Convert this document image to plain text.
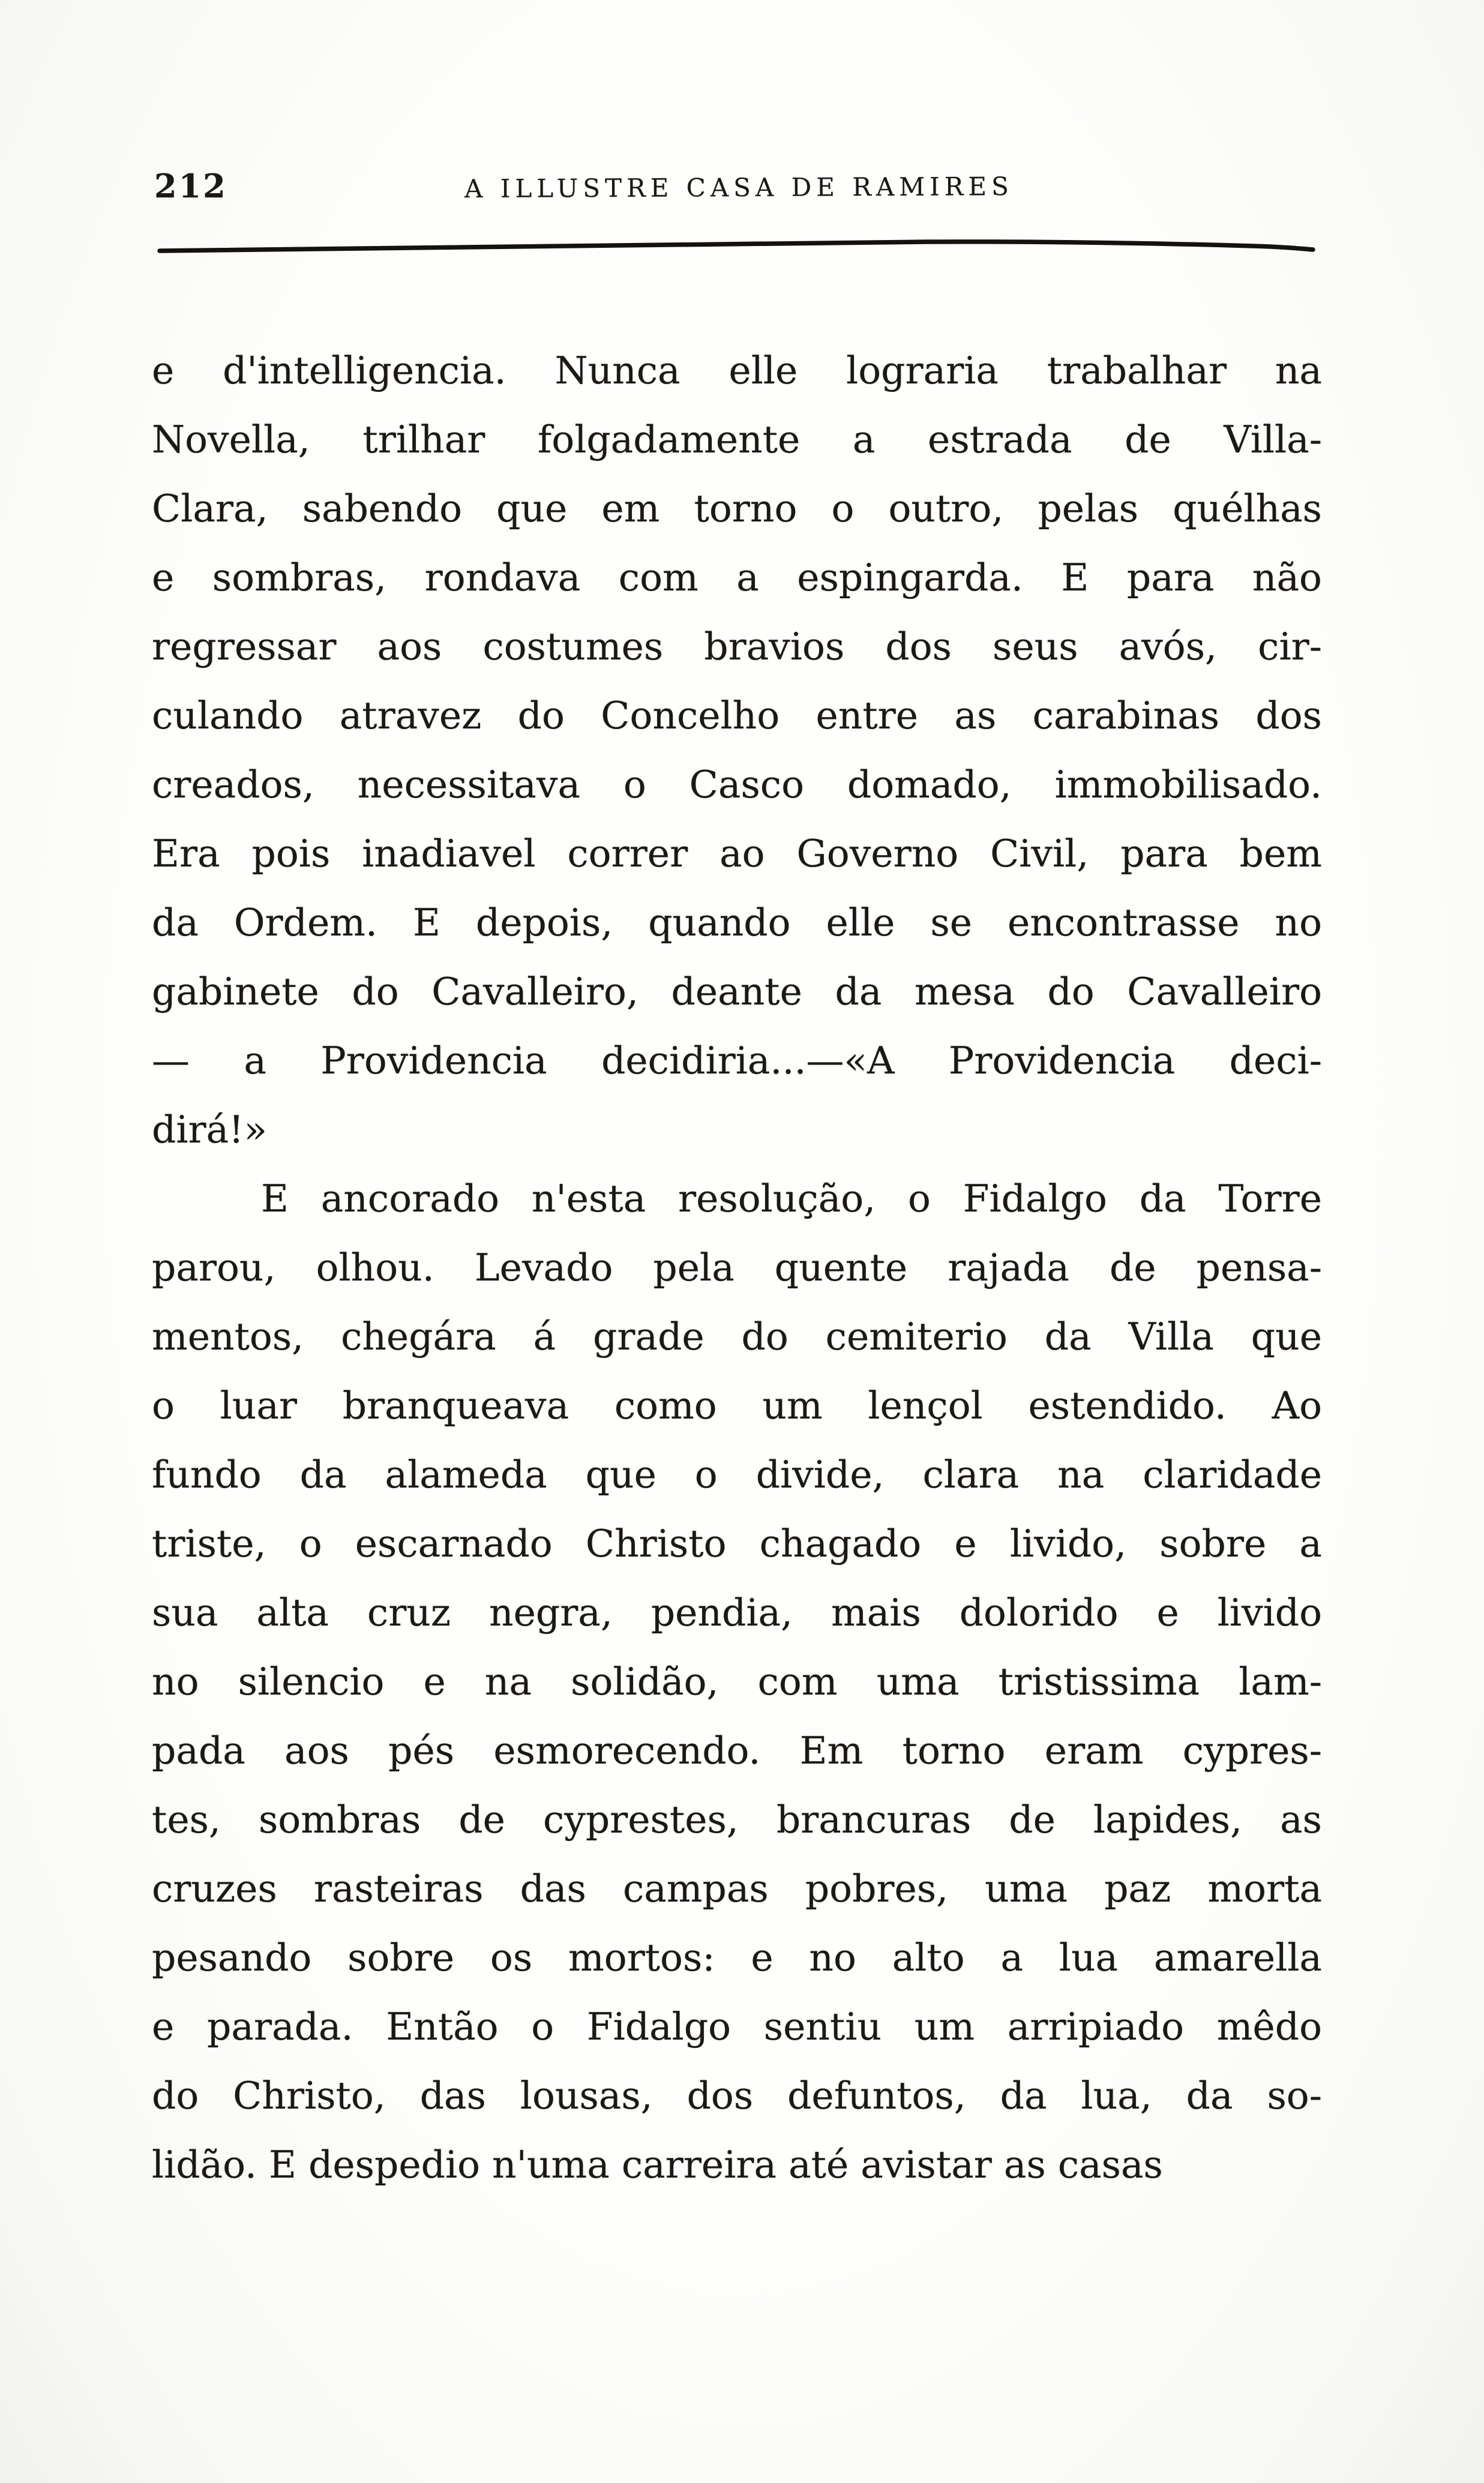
212	A ILLUSTRE CASA DE RAMIRES
e d'intelligencia. Nunca elle lograria trabalhar na
Novella, trilhar folgadamente a estrada de Villa-
Clara, sabendo que em torno o outro, pelas quélhas
e sombras, rondava com a espingarda. E para não
regressar aos costumes bravios dos seus avós, cir-
culando atravez do Concelho entre as carabinas dos
creados, necessitava o Casco domado, immobilisado.
Era pois inadiavel correr ao Governo Civil, para bem
da Ordem. E depois, quando elle se encontrasse no
gabinete do Cavalleiro, deante da mesa do Cavalleiro
— a Providencia decidiria...—«A Providencia deci-
dirá!»
E ancorado n'esta resolução, o Fidalgo da Torre
parou, olhou. Levado pela quente rajada de pensa-
mentos, chegára á grade do cemiterio da Villa que
o luar branqueava como um lençol estendido. Ao
fundo da alameda que o divide, clara na claridade
triste, o escarnado Christo chagado e livido, sobre a
sua alta cruz negra, pendia, mais dolorido e livido
no silencio e na solidão, com uma tristissima lam-
pada aos pés esmorecendo. Em torno eram cypres-
tes, sombras de cyprestes, brancuras de lapides, as
cruzes rasteiras das campas pobres, uma paz morta
pesando sobre os mortos: e no alto a lua amarella
e parada. Então o Fidalgo sentiu um arripiado mêdo
do Christo, das lousas, dos defuntos, da lua, da so-
lidão. E despedio n'uma carreira até avistar as casas
